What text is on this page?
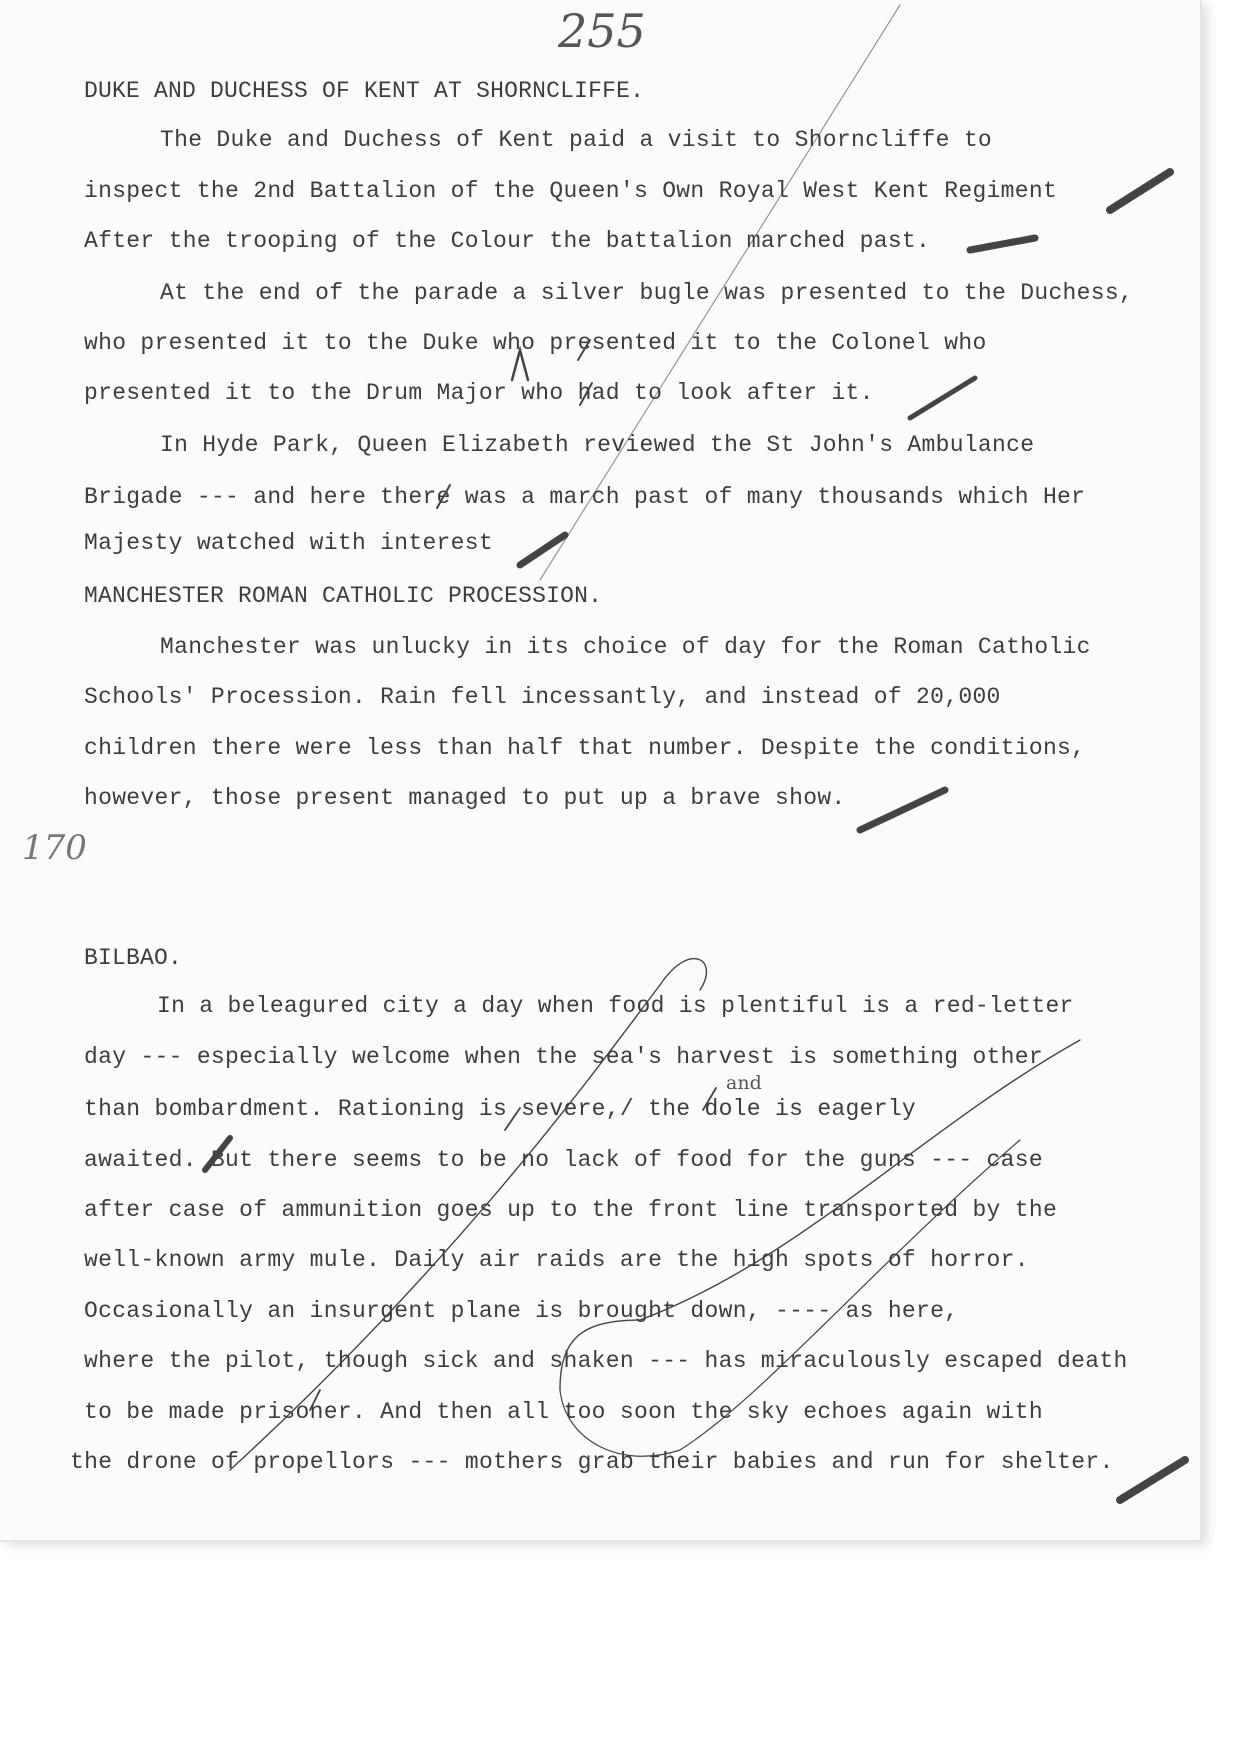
255

170

DUKE AND DUCHESS OF KENT AT SHORNCLIFFE.

The Duke and Duchess of Kent paid a visit to Shorncliffe to

inspect the 2nd Battalion of the Queen's Own Royal West Kent Regiment

After the trooping of the Colour the battalion marched past.

At the end of the parade a silver bugle was presented to the Duchess,

who presented it to the Duke who presented it to the Colonel who

presented it to the Drum Major who had to look after it.

In Hyde Park, Queen Elizabeth reviewed the St John's Ambulance

Brigade --- and here there was a march past of many thousands which Her

Majesty watched with interest

MANCHESTER ROMAN CATHOLIC PROCESSION.

Manchester was unlucky in its choice of day for the Roman Catholic

Schools' Procession. Rain fell incessantly, and instead of 20,000

children there were less than half that number. Despite the conditions,

however, those present managed to put up a brave show.

BILBAO.

In a beleagured city a day when food is plentiful is a red-letter

day --- especially welcome when the sea's harvest is something other

and

than bombardment. Rationing is severe,/ the dole is eagerly

awaited. But there seems to be no lack of food for the guns --- case

after case of ammunition goes up to the front line transported by the

well-known army mule. Daily air raids are the high spots of horror.

Occasionally an insurgent plane is brought down, ---- as here,

where the pilot, though sick and shaken --- has miraculously escaped death

to be made prisoner. And then all too soon the sky echoes again with

the drone of propellors --- mothers grab their babies and run for shelter.
